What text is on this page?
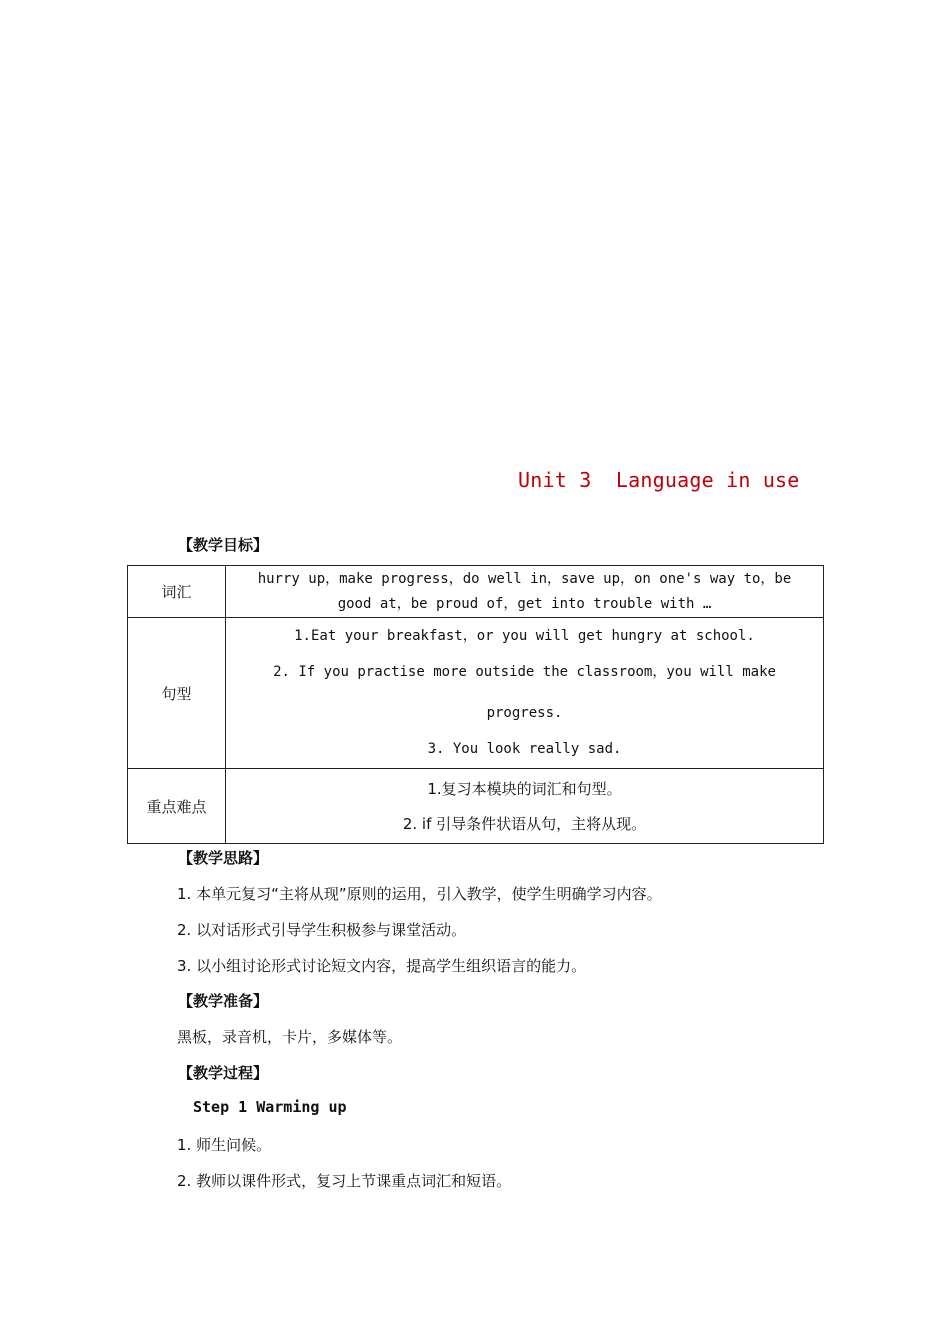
Unit 3  Language in use
【教学目标】
词汇	hurry up，make progress，do well in，save up，on one's way to，be
good at，be proud of，get into trouble with …

句型	1.Eat your breakfast，or you will get hungry at school.
2. If you practise more outside the classroom，you will make
progress.
3. You look really sad.

重点难点	1.复习本模块的词汇和句型。
2. if 引导条件状语从句，主将从现。
【教学思路】
1. 本单元复习“主将从现”原则的运用，引入教学，使学生明确学习内容。
2. 以对话形式引导学生积极参与课堂活动。
3. 以小组讨论形式讨论短文内容，提高学生组织语言的能力。
【教学准备】
黑板，录音机，卡片，多媒体等。
【教学过程】
Step 1 Warming up
1. 师生问候。
2. 教师以课件形式，复习上节课重点词汇和短语。
